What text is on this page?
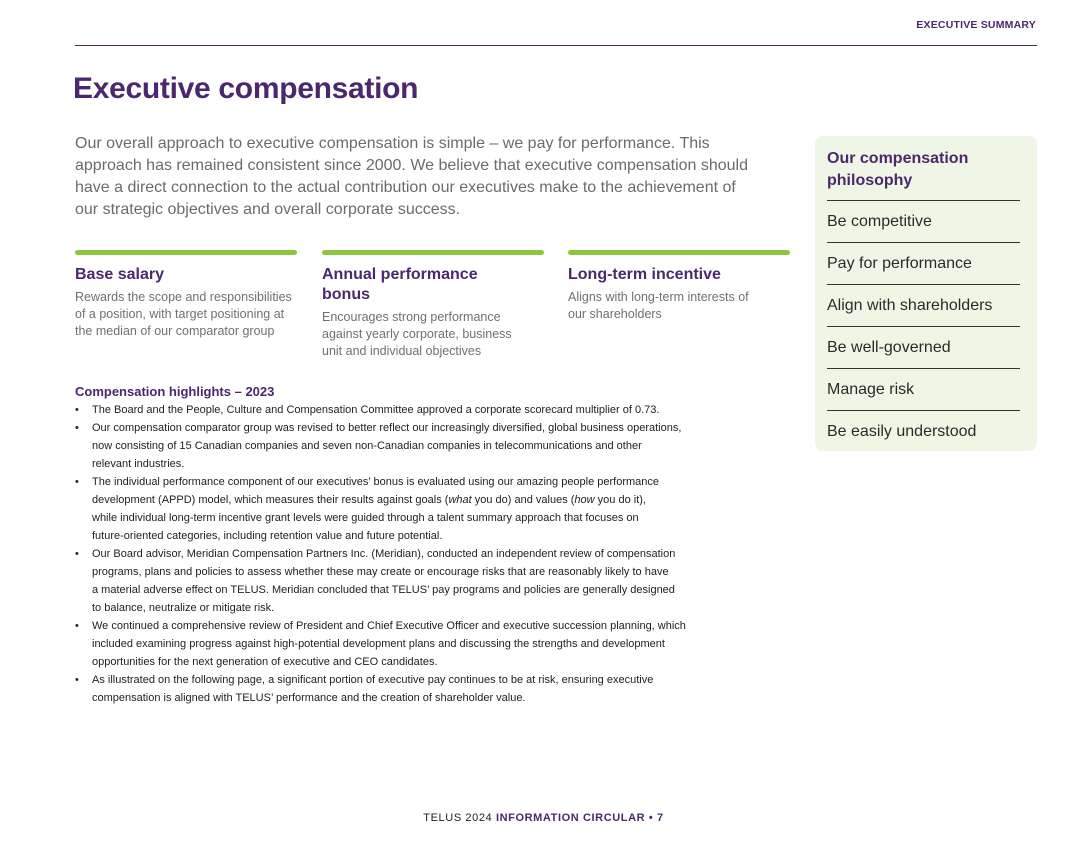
EXECUTIVE SUMMARY
Executive compensation

Our overall approach to executive compensation is simple – we pay for performance. This approach has remained consistent since 2000. We believe that executive compensation should have a direct connection to the actual contribution our executives make to the achievement of our strategic objectives and overall corporate success.

Base salary

Rewards the scope and responsibilities of a position, with target positioning at the median of our comparator group

Annual performance bonus

Encourages strong performance against yearly corporate, business unit and individual objectives

Long-term incentive

Aligns with long-term interests of our shareholders

Compensation highlights – 2023
• The Board and the People, Culture and Compensation Committee approved a corporate scorecard multiplier of 0.73.
• Our compensation comparator group was revised to better reflect our increasingly diversified, global business operations,
now consisting of 15 Canadian companies and seven non-Canadian companies in telecommunications and other
relevant industries.
• The individual performance component of our executives’ bonus is evaluated using our amazing people performance
development (APPD) model, which measures their results against goals (what you do) and values (how you do it),
while individual long-term incentive grant levels were guided through a talent summary approach that focuses on
future-oriented categories, including retention value and future potential.
• Our Board advisor, Meridian Compensation Partners Inc. (Meridian), conducted an independent review of compensation
programs, plans and policies to assess whether these may create or encourage risks that are reasonably likely to have
a material adverse effect on TELUS. Meridian concluded that TELUS’ pay programs and policies are generally designed
to balance, neutralize or mitigate risk.
• We continued a comprehensive review of President and Chief Executive Officer and executive succession planning, which
included examining progress against high-potential development plans and discussing the strengths and development
opportunities for the next generation of executive and CEO candidates.
• As illustrated on the following page, a significant portion of executive pay continues to be at risk, ensuring executive
compensation is aligned with TELUS’ performance and the creation of shareholder value.
Our compensation philosophy
Be competitive
Pay for performance
Align with shareholders
Be well-governed
Manage risk
Be easily understood
TELUS 2024 INFORMATION CIRCULAR • 7
